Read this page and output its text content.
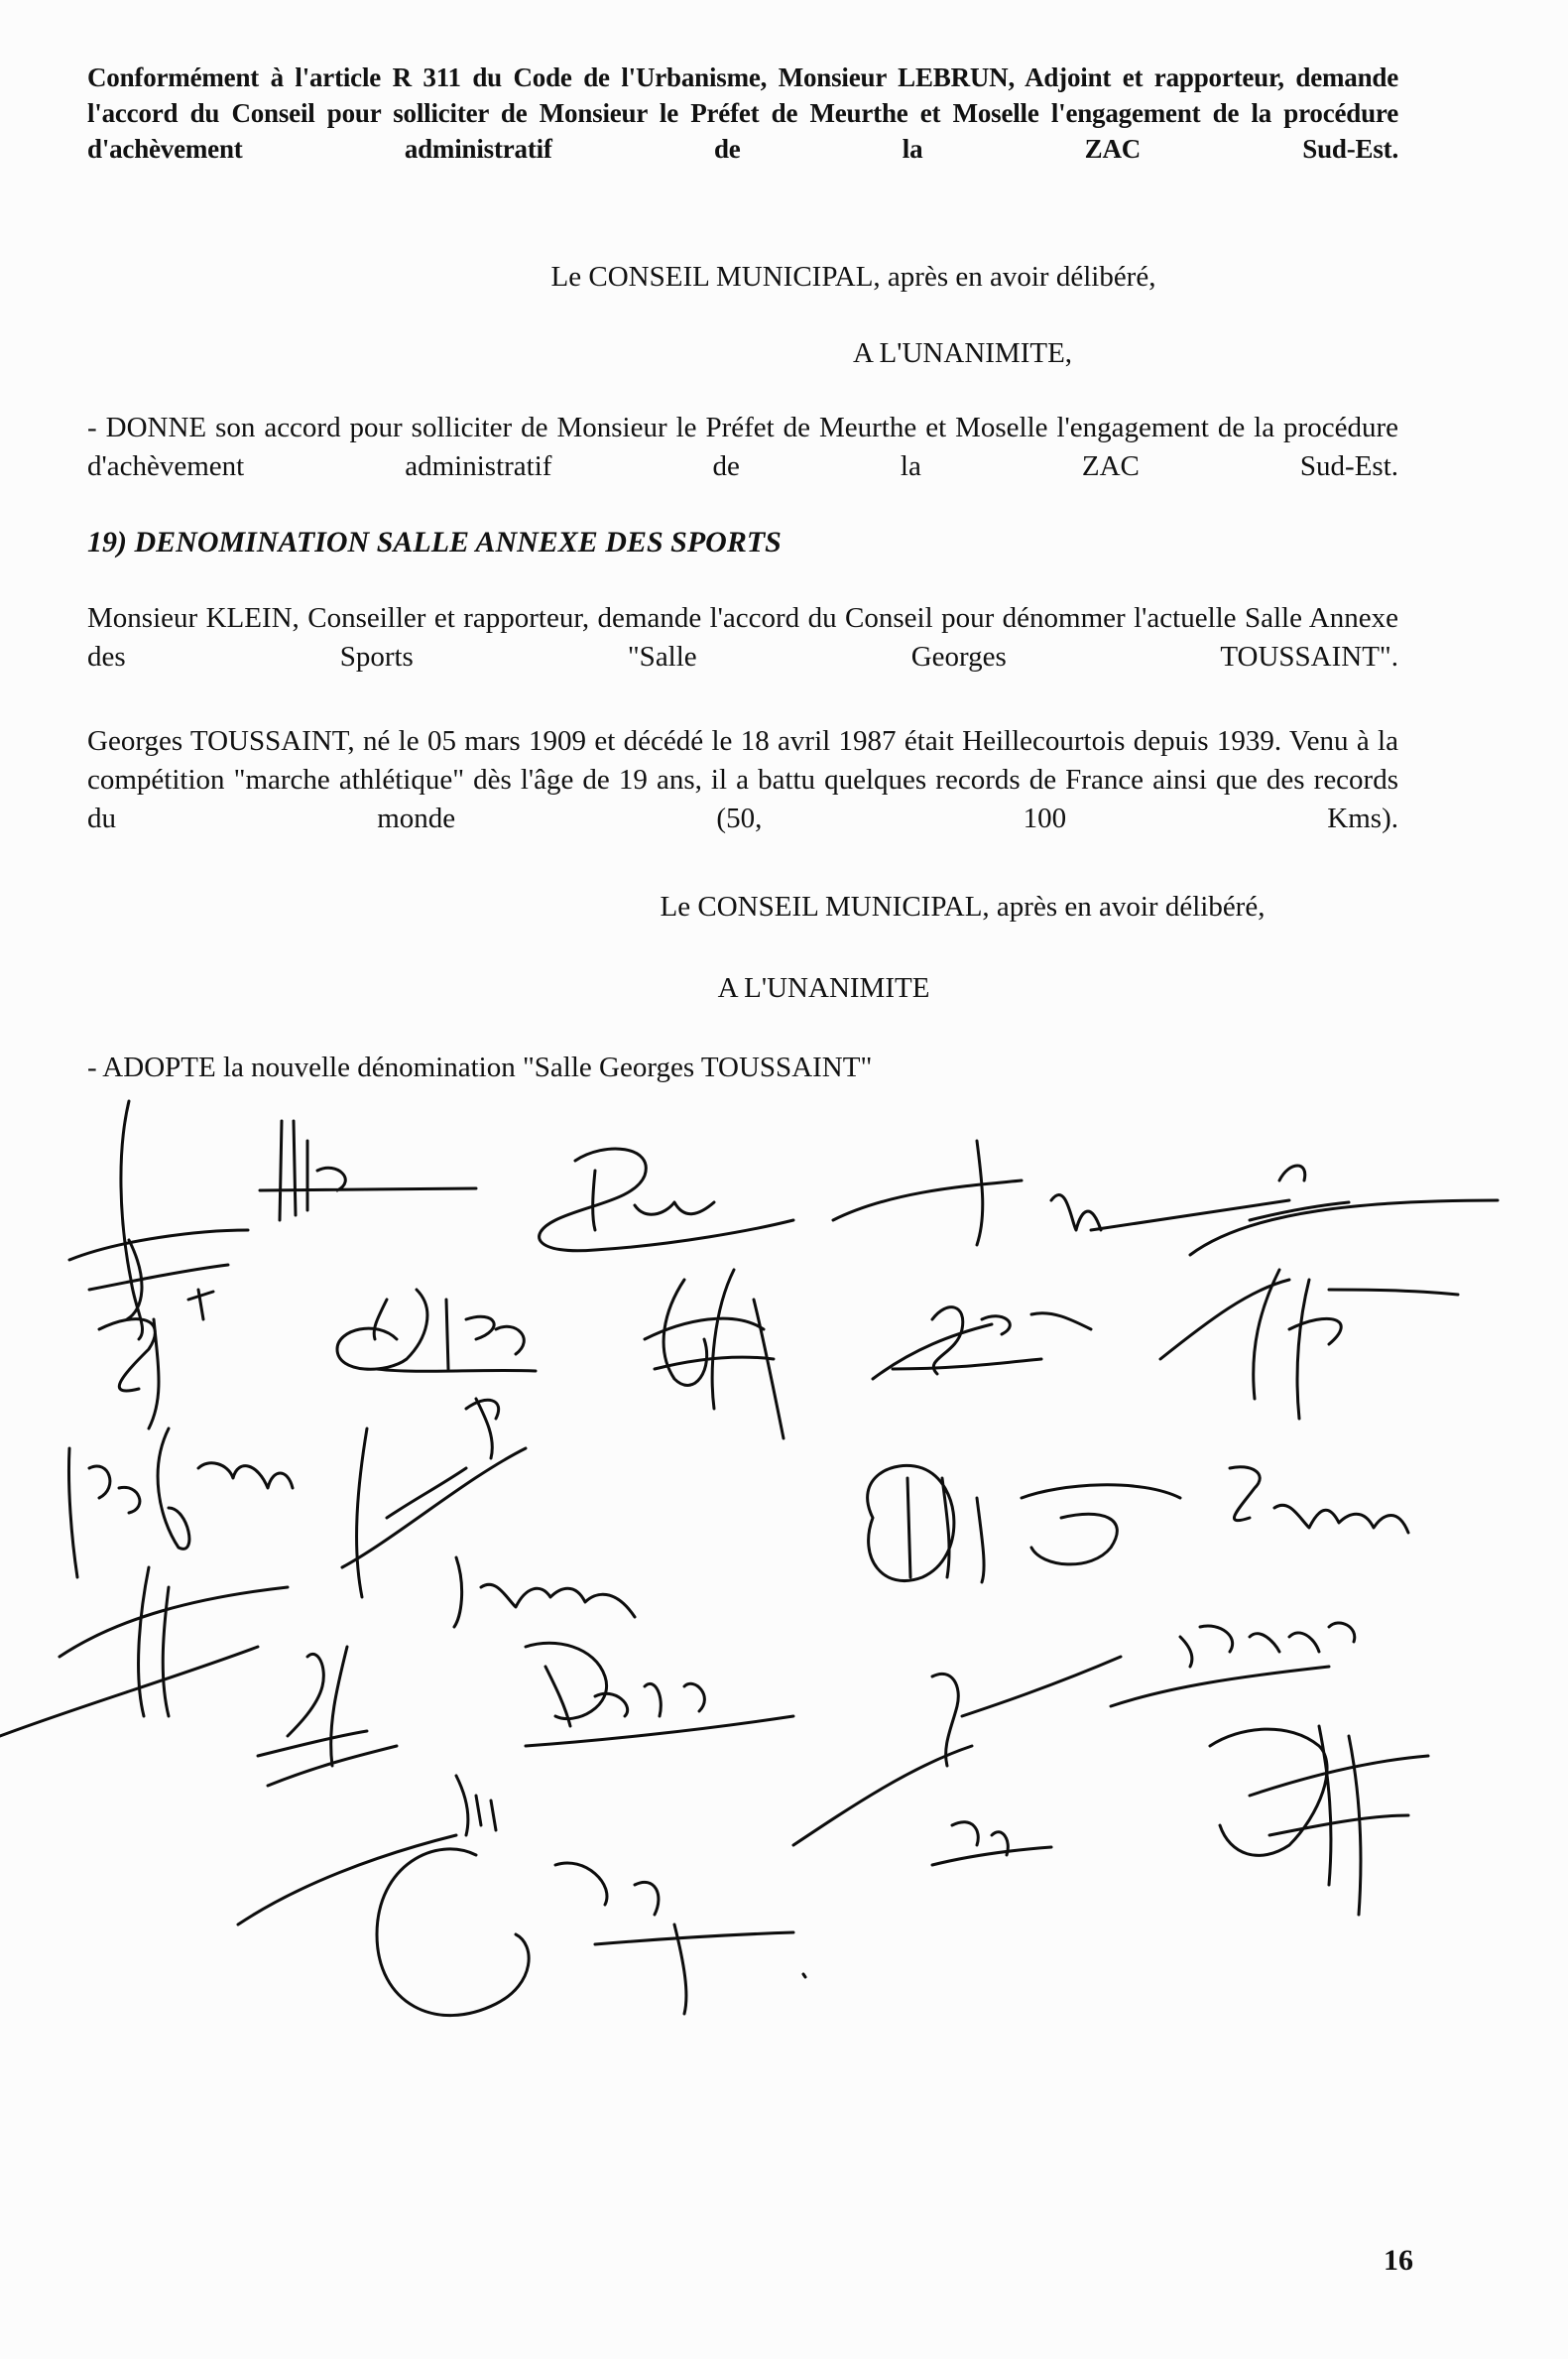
Conformément à l'article R 311 du Code de l'Urbanisme, Monsieur LEBRUN, Adjoint et rapporteur, demande l'accord du Conseil pour solliciter de Monsieur le Préfet de Meurthe et Moselle l'engagement de la procédure d'achèvement administratif de la ZAC Sud-Est.

Le CONSEIL MUNICIPAL, après en avoir délibéré,

A L'UNANIMITE,

- DONNE son accord pour solliciter de Monsieur le Préfet de Meurthe et Moselle l'engagement de la procédure d'achèvement administratif de la ZAC Sud-Est.

19) DENOMINATION SALLE ANNEXE DES SPORTS

Monsieur KLEIN, Conseiller et rapporteur, demande l'accord du Conseil pour dénommer l'actuelle Salle Annexe des Sports "Salle Georges TOUSSAINT".

Georges TOUSSAINT, né le 05 mars 1909 et décédé le 18 avril 1987 était Heillecourtois depuis 1939. Venu à la compétition "marche athlétique" dès l'âge de 19 ans, il a battu quelques records de France ainsi que des records du monde (50, 100 Kms).

Le CONSEIL MUNICIPAL, après en avoir délibéré,

A L'UNANIMITE

- ADOPTE la nouvelle dénomination "Salle Georges TOUSSAINT"

16
